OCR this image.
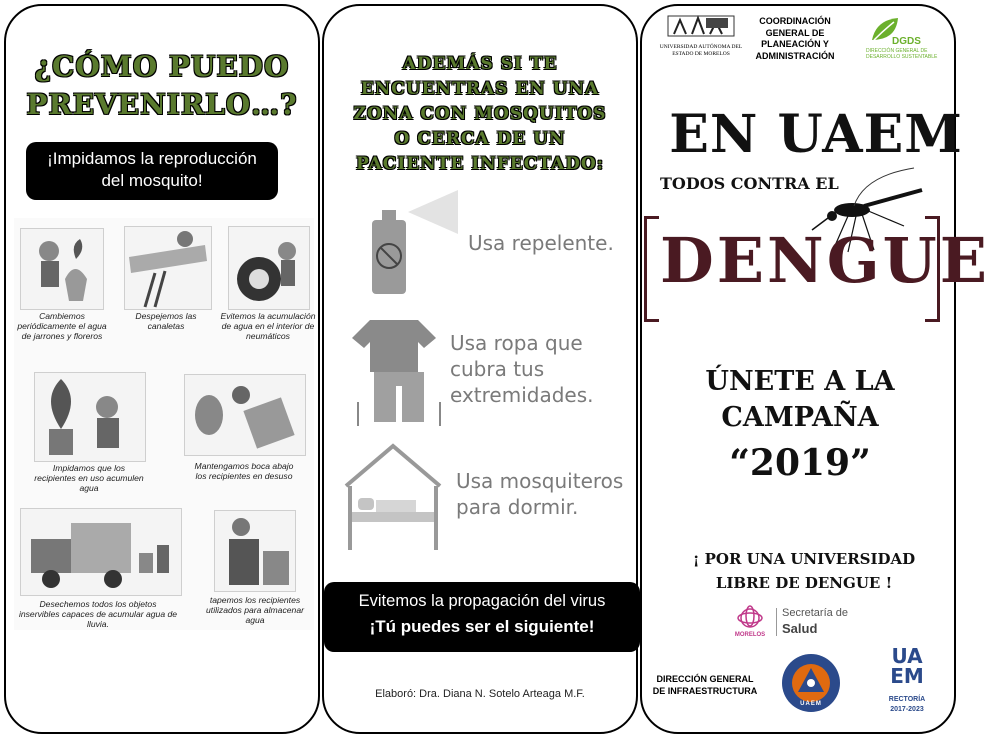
¿CÓMO PUEDO
PREVENIRLO…?
¡Impidamos la reproducción del mosquito!
Cambiemos periódicamente el agua de jarrones y floreros
Despejemos las canaletas
Evitemos la acumulación de agua en el interior de neumáticos
Impidamos que los recipientes en uso acumulen agua
Mantengamos boca abajo los recipientes en desuso
Desechemos todos los objetos inservibles capaces de acumular agua de lluvia.
tapemos los recipientes utilizados para almacenar agua
ADEMÁS SI TE ENCUENTRAS EN UNA ZONA CON MOSQUITOS O CERCA DE UN PACIENTE INFECTADO:
Usa repelente.
Usa ropa que cubra tus extremidades.
Usa mosquiteros para dormir.
Evitemos la propagación del virus
¡Tú puedes ser el siguiente!
Elaboró: Dra. Diana N. Sotelo Arteaga M.F.
UNIVERSIDAD AUTÓNOMA DEL ESTADO DE MORELOS
COORDINACIÓN GENERAL DE PLANEACIÓN Y ADMINISTRACIÓN
DGDS
DIRECCIÓN GENERAL DE DESARROLLO SUSTENTABLE
EN UAEM
TODOS CONTRA EL
DENGUE
ÚNETE A LA
CAMPAÑA
“2019”
¡ POR UNA UNIVERSIDAD
LIBRE DE DENGUE !
MORELOS
Secretaría de
Salud
DIRECCIÓN GENERAL DE INFRAESTRUCTURA
UAEM
UA EM
RECTORÍA
2017-2023
